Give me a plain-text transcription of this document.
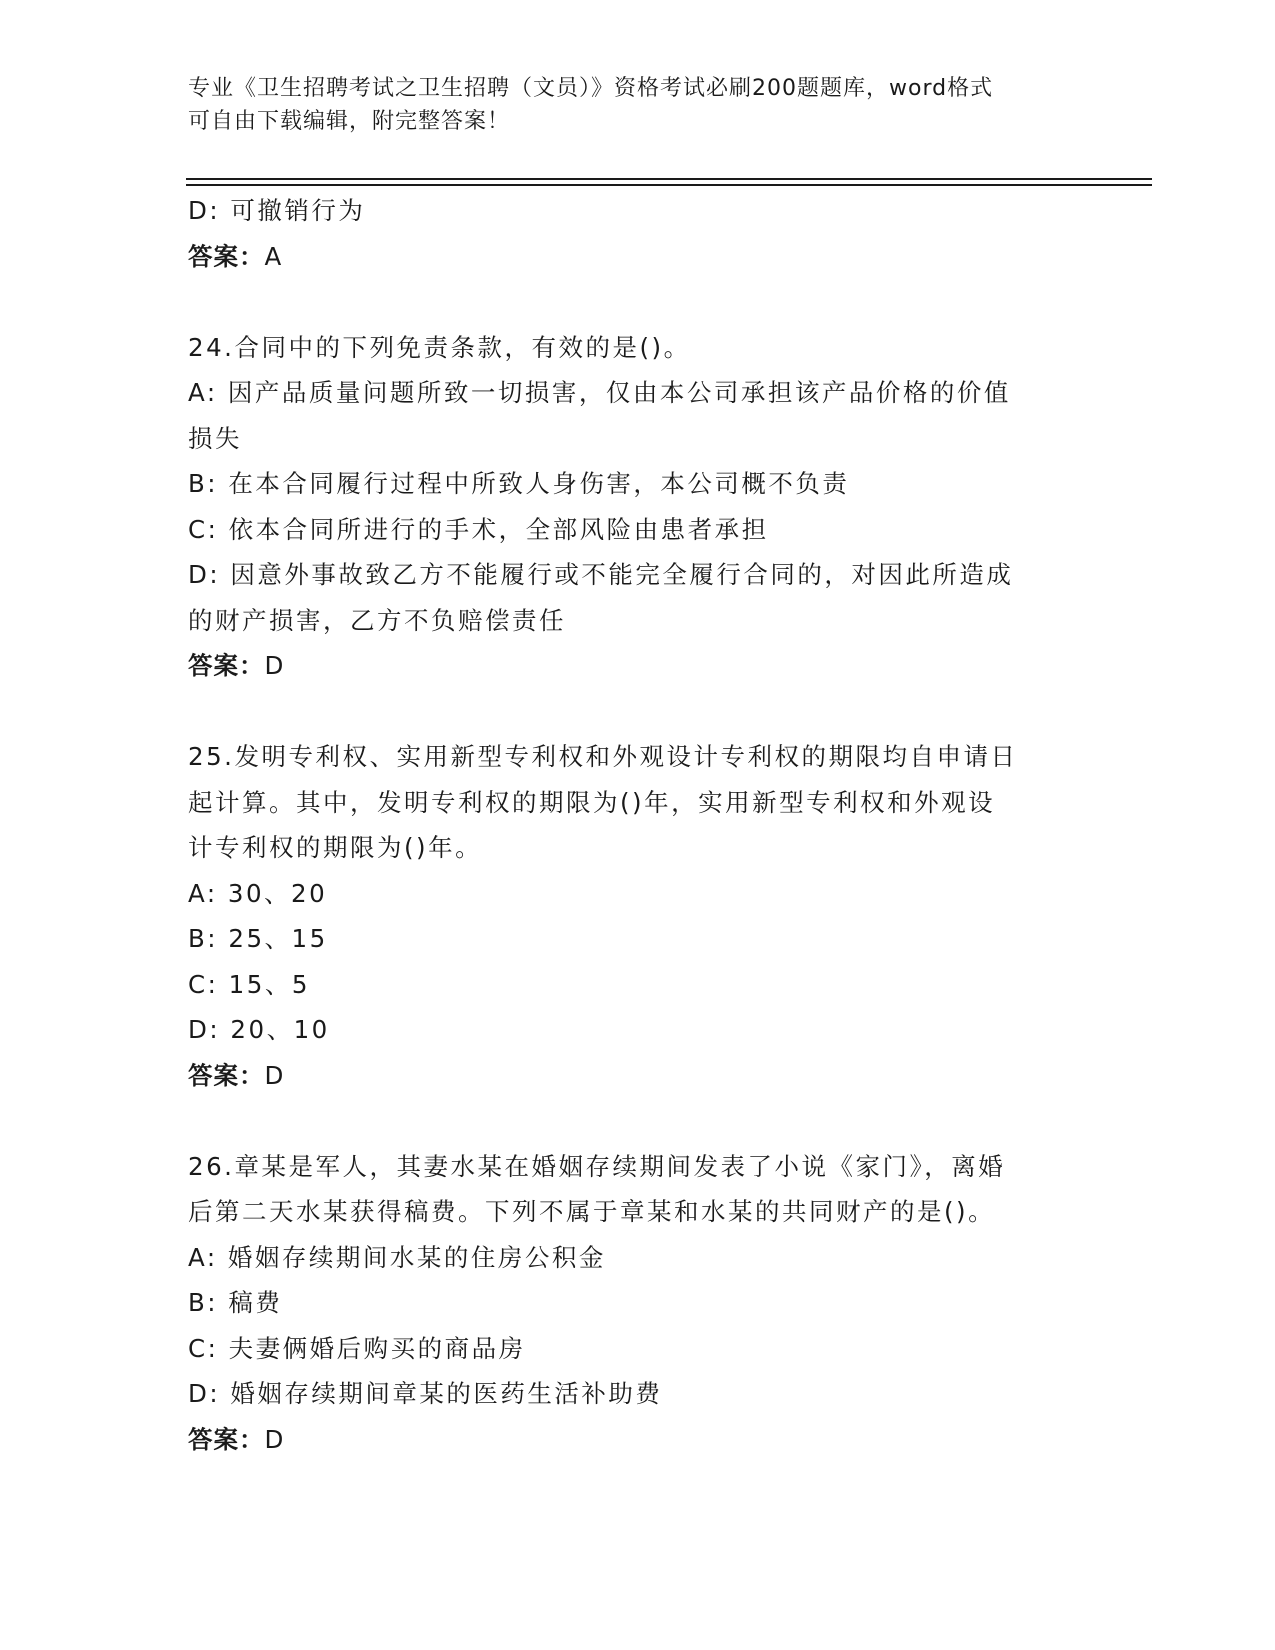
专业《卫生招聘考试之卫生招聘（文员）》资格考试必刷200题题库，word格式
可自由下载编辑，附完整答案！

D: 可撤销行为

答案：A

24.合同中的下列免责条款，有效的是()。

A: 因产品质量问题所致一切损害，仅由本公司承担该产品价格的价值

损失

B: 在本合同履行过程中所致人身伤害，本公司概不负责

C: 依本合同所进行的手术，全部风险由患者承担

D: 因意外事故致乙方不能履行或不能完全履行合同的，对因此所造成

的财产损害，乙方不负赔偿责任

答案：D

25.发明专利权、实用新型专利权和外观设计专利权的期限均自申请日

起计算。其中，发明专利权的期限为()年，实用新型专利权和外观设

计专利权的期限为()年。

A: 30、20

B: 25、15

C: 15、5

D: 20、10

答案：D

26.章某是军人，其妻水某在婚姻存续期间发表了小说《家门》，离婚

后第二天水某获得稿费。下列不属于章某和水某的共同财产的是()。

A: 婚姻存续期间水某的住房公积金

B: 稿费

C: 夫妻俩婚后购买的商品房

D: 婚姻存续期间章某的医药生活补助费

答案：D
